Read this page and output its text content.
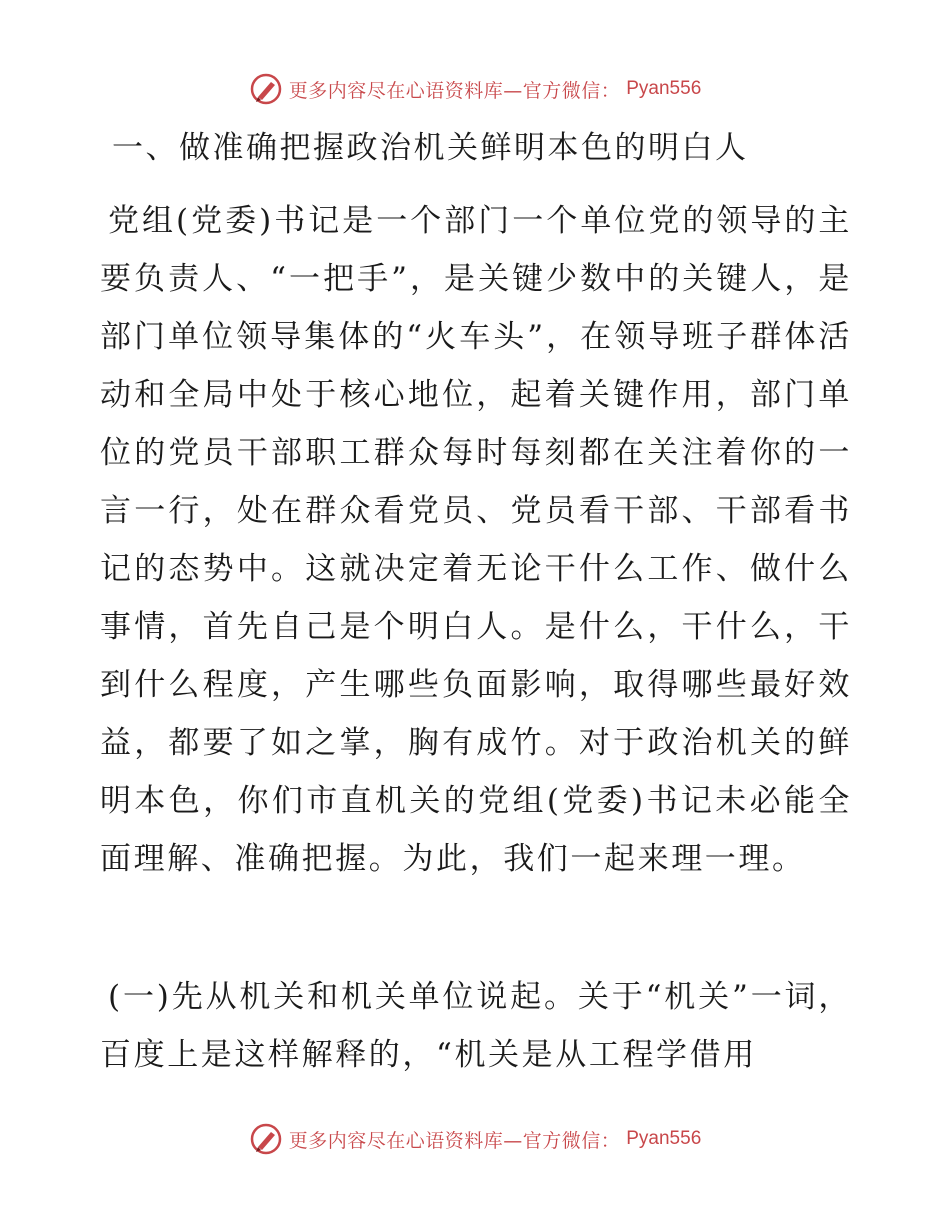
更多内容尽在心语资料库—官方微信： Pyan556
一、做准确把握政治机关鲜明本色的明白人
党组(党委)书记是一个部门一个单位党的领导的主要负责人、“一把手”，是关键少数中的关键人，是部门单位领导集体的“火车头”，在领导班子群体活动和全局中处于核心地位，起着关键作用，部门单位的党员干部职工群众每时每刻都在关注着你的一言一行，处在群众看党员、党员看干部、干部看书记的态势中。这就决定着无论干什么工作、做什么事情，首先自己是个明白人。是什么，干什么，干到什么程度，产生哪些负面影响，取得哪些最好效益，都要了如之掌，胸有成竹。对于政治机关的鲜明本色，你们市直机关的党组(党委)书记未必能全面理解、准确把握。为此，我们一起来理一理。
(一)先从机关和机关单位说起。关于“机关”一词，百度上是这样解释的，“机关是从工程学借用
更多内容尽在心语资料库—官方微信： Pyan556
